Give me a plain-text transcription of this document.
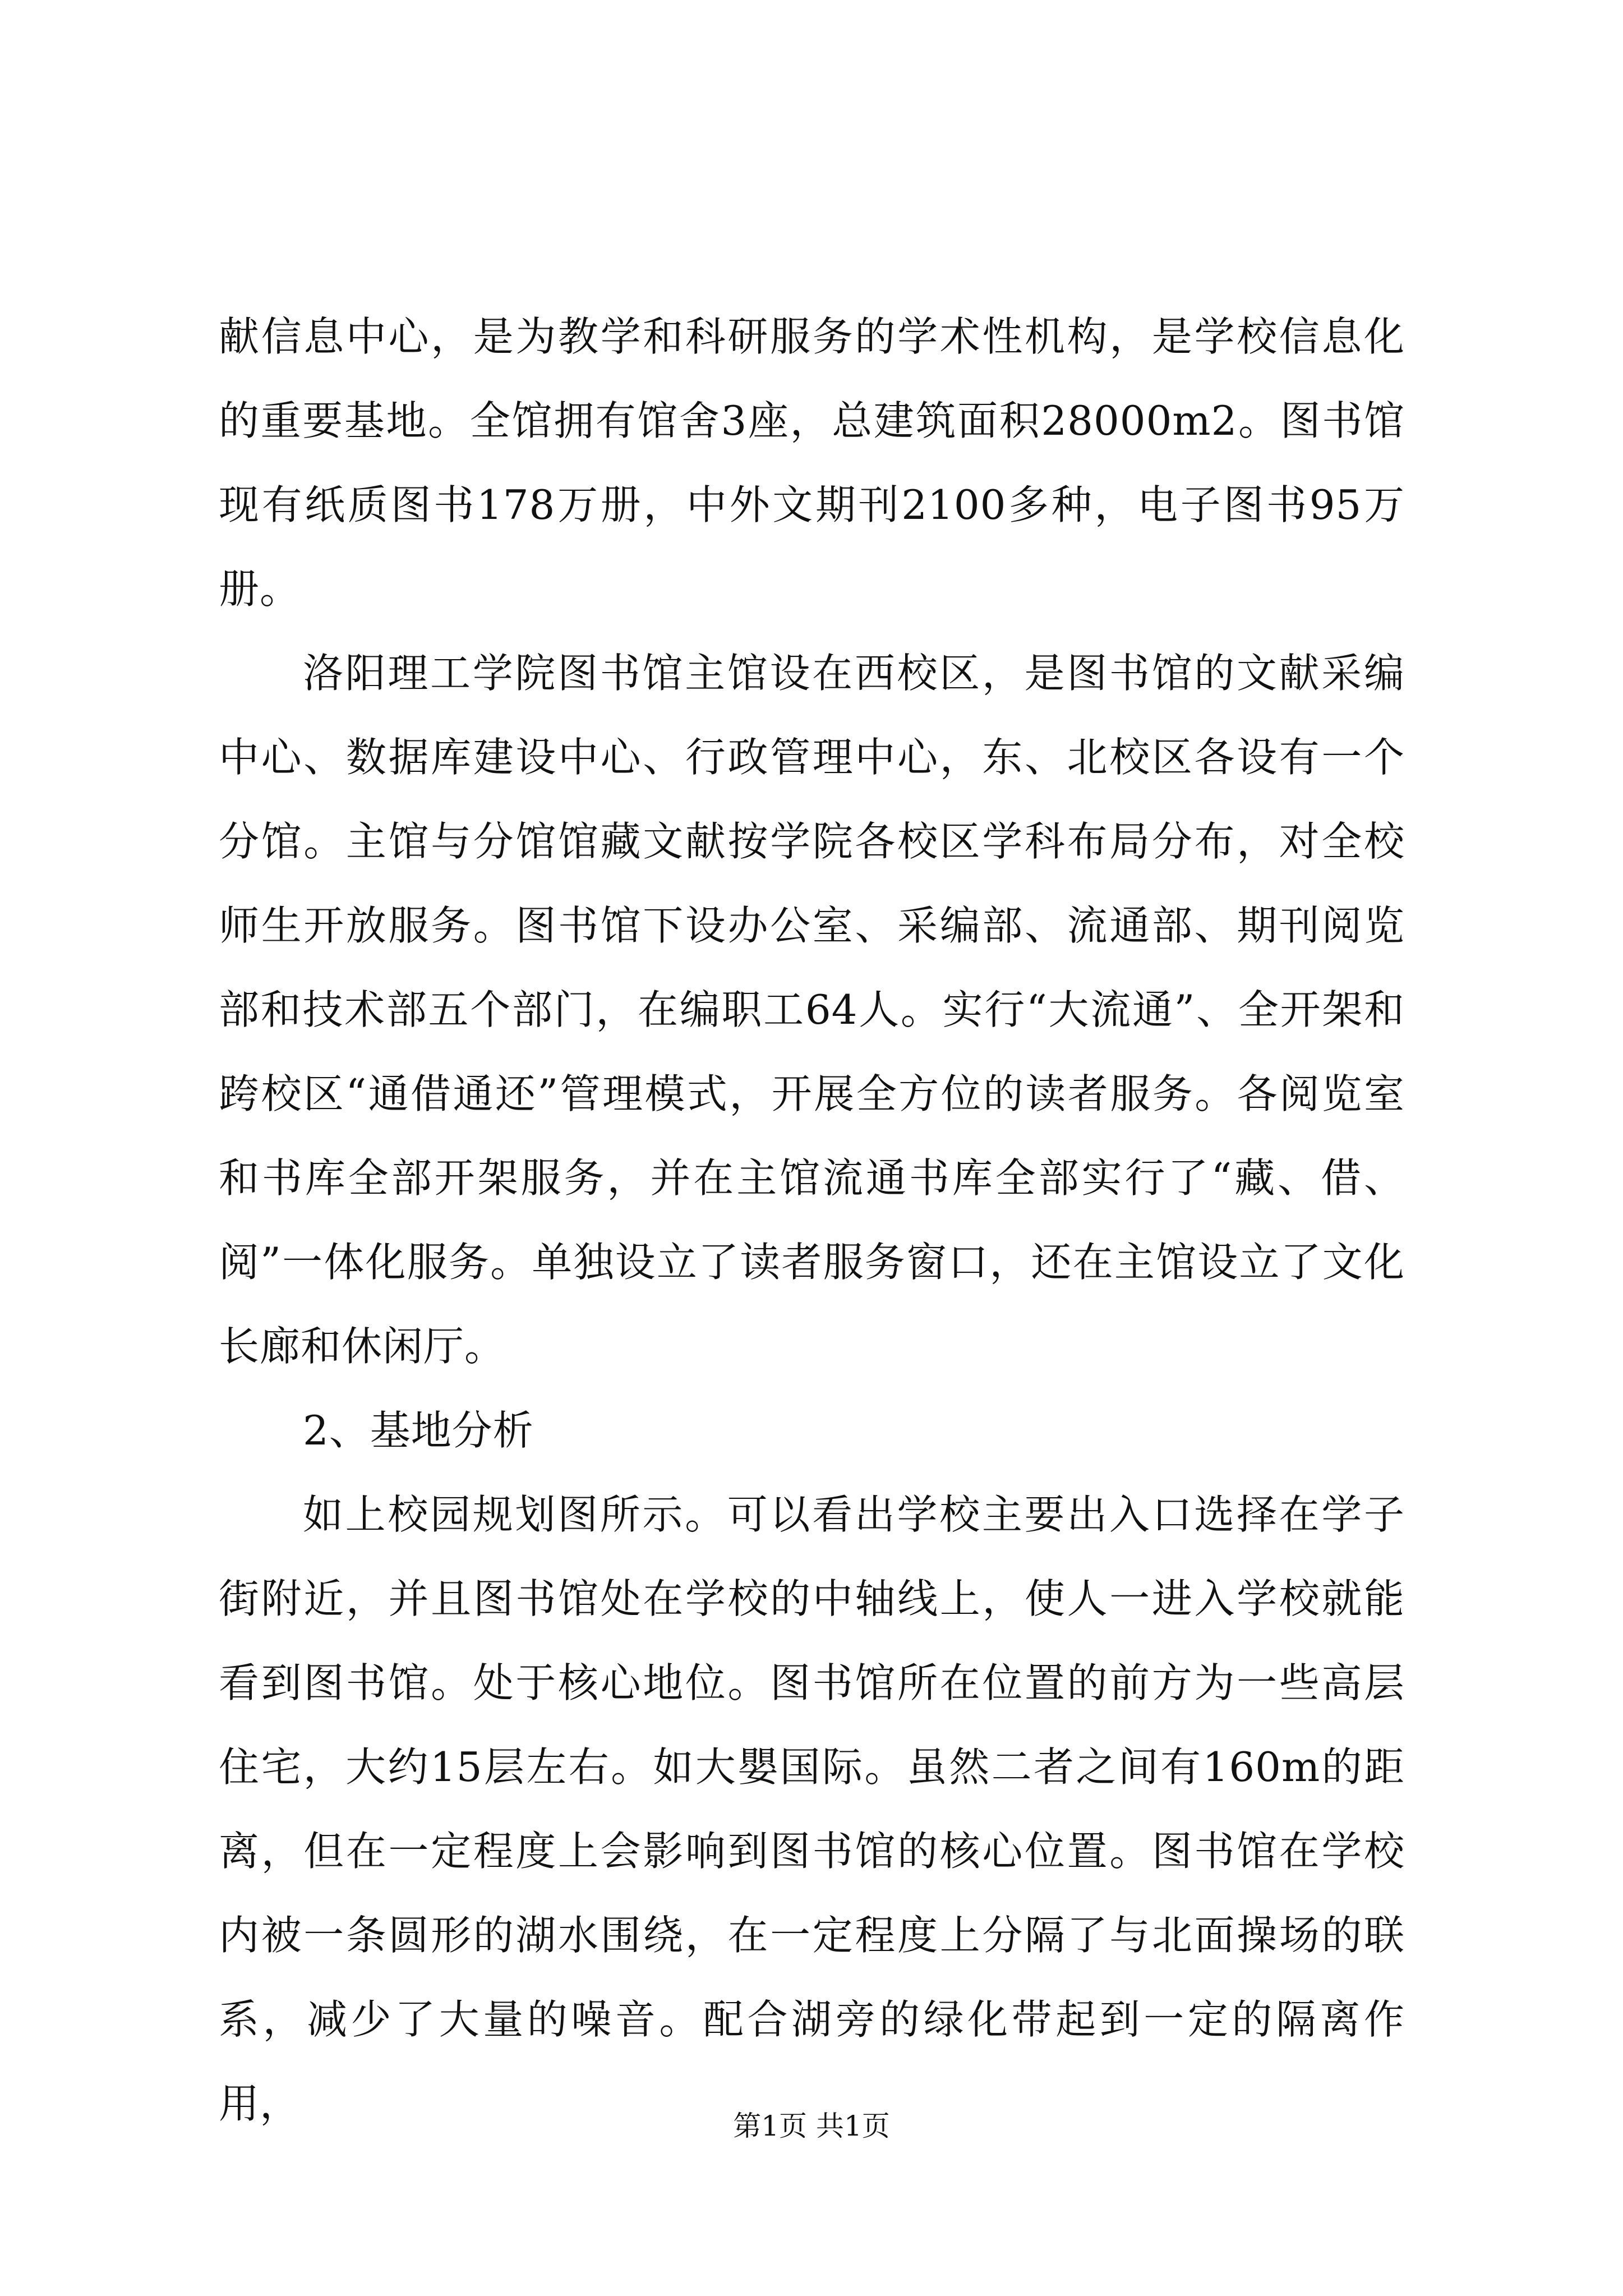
献信息中心，是为教学和科研服务的学术性机构，是学校信息化的重要基地。全馆拥有馆舍3座，总建筑面积28000m2。图书馆现有纸质图书178万册，中外文期刊2100多种，电子图书95万册。

洛阳理工学院图书馆主馆设在西校区，是图书馆的文献采编中心、数据库建设中心、行政管理中心，东、北校区各设有一个分馆。主馆与分馆馆藏文献按学院各校区学科布局分布，对全校师生开放服务。图书馆下设办公室、采编部、流通部、期刊阅览部和技术部五个部门，在编职工64人。实行“大流通”、全开架和跨校区“通借通还”管理模式，开展全方位的读者服务。各阅览室和书库全部开架服务，并在主馆流通书库全部实行了“藏、借、阅”一体化服务。单独设立了读者服务窗口，还在主馆设立了文化长廊和休闲厅。

2、基地分析

如上校园规划图所示。可以看出学校主要出入口选择在学子街附近，并且图书馆处在学校的中轴线上，使人一进入学校就能看到图书馆。处于核心地位。图书馆所在位置的前方为一些高层住宅，大约15层左右。如大嬰国际。虽然二者之间有160m的距离，但在一定程度上会影响到图书馆的核心位置。图书馆在学校内被一条圆形的湖水围绕，在一定程度上分隔了与北面操场的联系，减少了大量的噪音。配合湖旁的绿化带起到一定的隔离作用，	第1页 共1页
